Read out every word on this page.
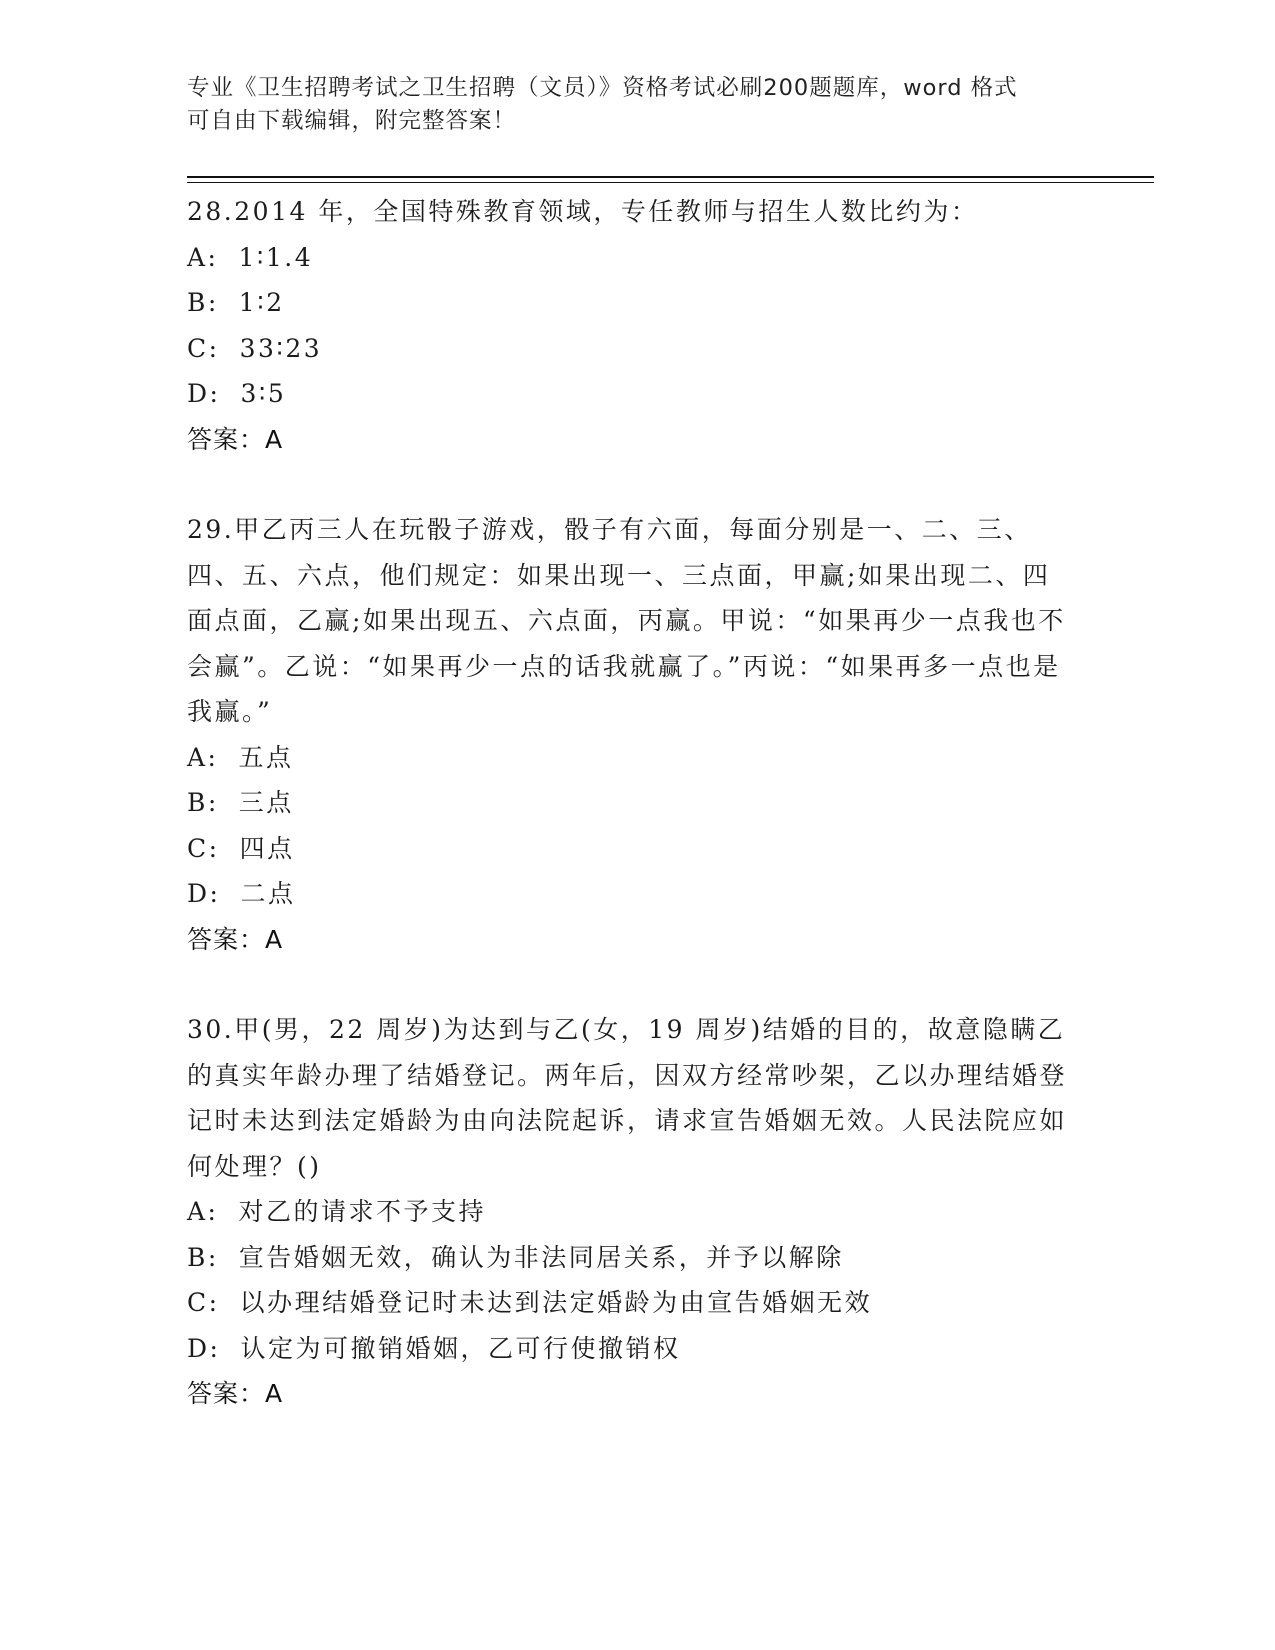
专业《卫生招聘考试之卫生招聘（文员）》资格考试必刷200题题库，word 格式
可自由下载编辑，附完整答案！

28.2014 年，全国特殊教育领域，专任教师与招生人数比约为：

A: 1∶1.4

B: 1∶2

C: 33∶23

D: 3∶5

答案：A

29.甲乙丙三人在玩骰子游戏，骰子有六面，每面分别是一、二、三、四、五、六点，他们规定：如果出现一、三点面，甲赢;如果出现二、四面点面，乙赢;如果出现五、六点面，丙赢。甲说：“如果再少一点我也不会赢”。乙说：“如果再少一点的话我就赢了。”丙说：“如果再多一点也是我赢。”

A: 五点

B: 三点

C: 四点

D: 二点

答案：A

30.甲(男，22 周岁)为达到与乙(女，19 周岁)结婚的目的，故意隐瞒乙的真实年龄办理了结婚登记。两年后，因双方经常吵架，乙以办理结婚登记时未达到法定婚龄为由向法院起诉，请求宣告婚姻无效。人民法院应如何处理？()

A: 对乙的请求不予支持

B: 宣告婚姻无效，确认为非法同居关系，并予以解除

C: 以办理结婚登记时未达到法定婚龄为由宣告婚姻无效

D: 认定为可撤销婚姻，乙可行使撤销权

答案：A
